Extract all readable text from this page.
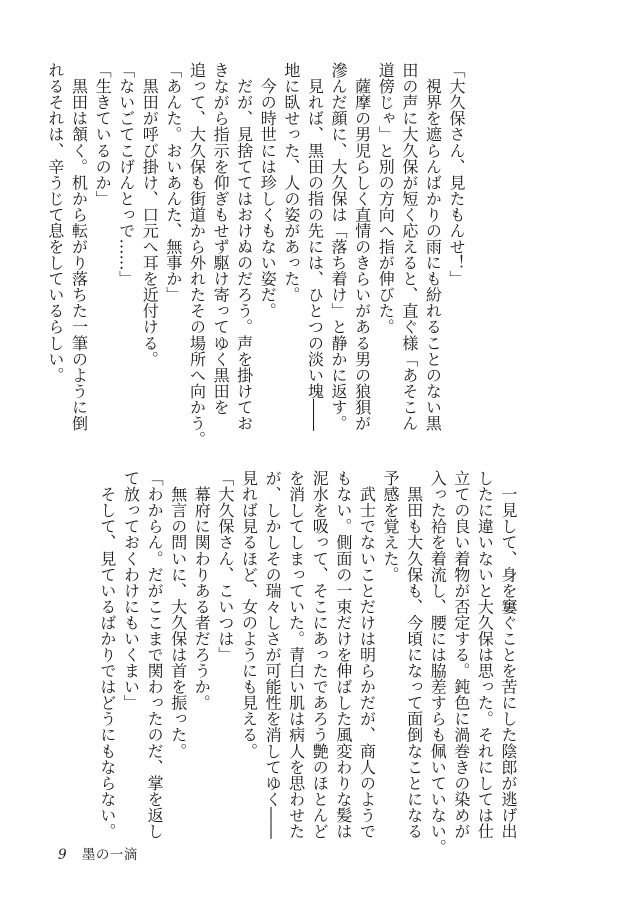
「大久保さん、見たもんせ！」
　視界を遮らんばかりの雨にも紛れることのない黒
田の声に大久保が短く応えると、直ぐ様「あそこん
道傍じゃ」と別の方向へ指が伸びた。
　薩摩の男児らしく直情のきらいがある男の狼狽が
滲んだ顔に、大久保は「落ち着け」と静かに返す。
　見れば、黒田の指の先には、ひとつの淡い塊――
地に臥せった、人の姿があった。
　今の時世には珍しくもない姿だ。
　だが、見捨ててはおけぬのだろう。声を掛けてお
きながら指示を仰ぎもせず駆け寄ってゆく黒田を
追って、大久保も街道から外れたその場所へ向かう。
「あんた。おいあんた、無事か」
　黒田が呼び掛け、口元へ耳を近付ける。
「ないごてこげんとっで……」
「生きているのか」
　黒田は頷く。机から転がり落ちた一筆のように倒
れるそれは、辛うじて息をしているらしい。
　一見して、身を窶ぐことを苦にした陰郎が逃げ出
したに違いないと大久保は思った。それにしては仕
立ての良い着物が否定する。鈍色に渦巻きの染めが
入った袷を着流し、腰には脇差すらも佩いていない。
　黒田も大久保も、今頃になって面倒なことになる
予感を覚えた。
　武士でないことだけは明らかだが、商人のようで
もない。側面の一束だけを伸ばした風変わりな髪は
泥水を吸って、そこにあったであろう艶のほとんど
を消してしまっていた。青白い肌は病人を思わせた
が、しかしその瑞々しさが可能性を消してゆく――
見れば見るほど、女のようにも見える。
「大久保さん、こいつは」
　幕府に関わりある者だろうか。
　無言の問いに、大久保は首を振った。
「わからん。だがここまで関わったのだ、掌を返し
て放っておくわけにもいくまい」
　そして、見ているばかりではどうにもならない。
9 墨の一滴
